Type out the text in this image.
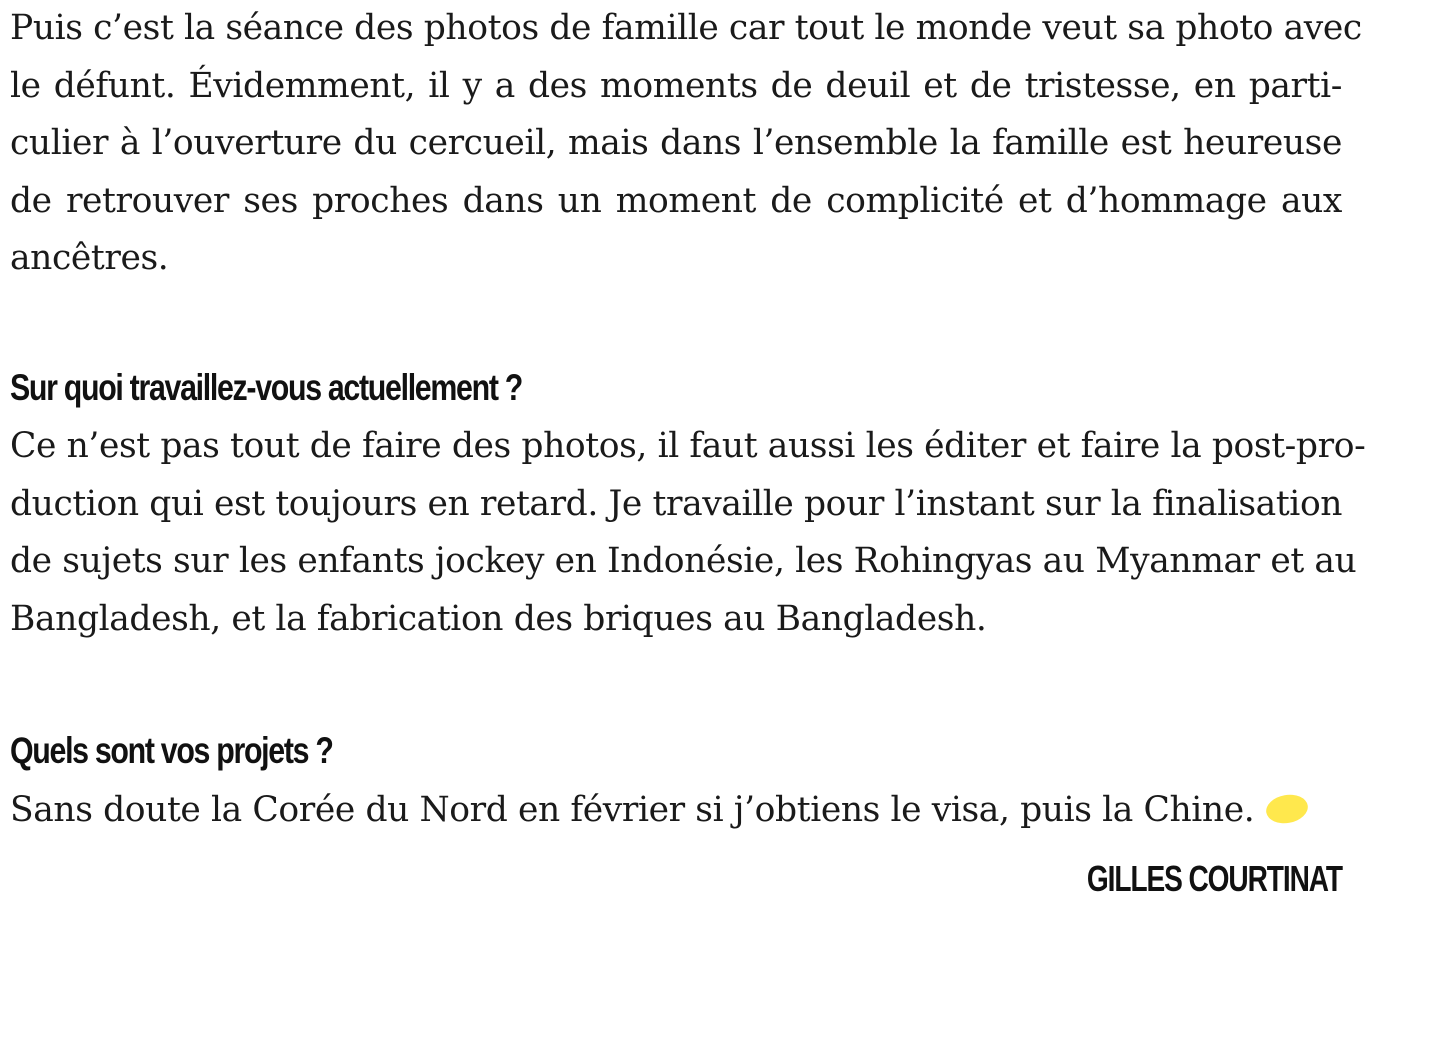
Puis c’est la séance des photos de famille car tout le monde veut sa photo avec
le défunt. Évidemment, il y a des moments de deuil et de tristesse, en parti-
culier à l’ouverture du cercueil, mais dans l’ensemble la famille est heureuse
de retrouver ses proches dans un moment de complicité et d’hommage aux
ancêtres.
Sur quoi travaillez-vous actuellement ?
Ce n’est pas tout de faire des photos, il faut aussi les éditer et faire la post-pro-
duction qui est toujours en retard. Je travaille pour l’instant sur la finalisation
de sujets sur les enfants jockey en Indonésie, les Rohingyas au Myanmar et au
Bangladesh, et la fabrication des briques au Bangladesh.
Quels sont vos projets ?
Sans doute la Corée du Nord en février si j’obtiens le visa, puis la Chine.
GILLES COURTINAT
